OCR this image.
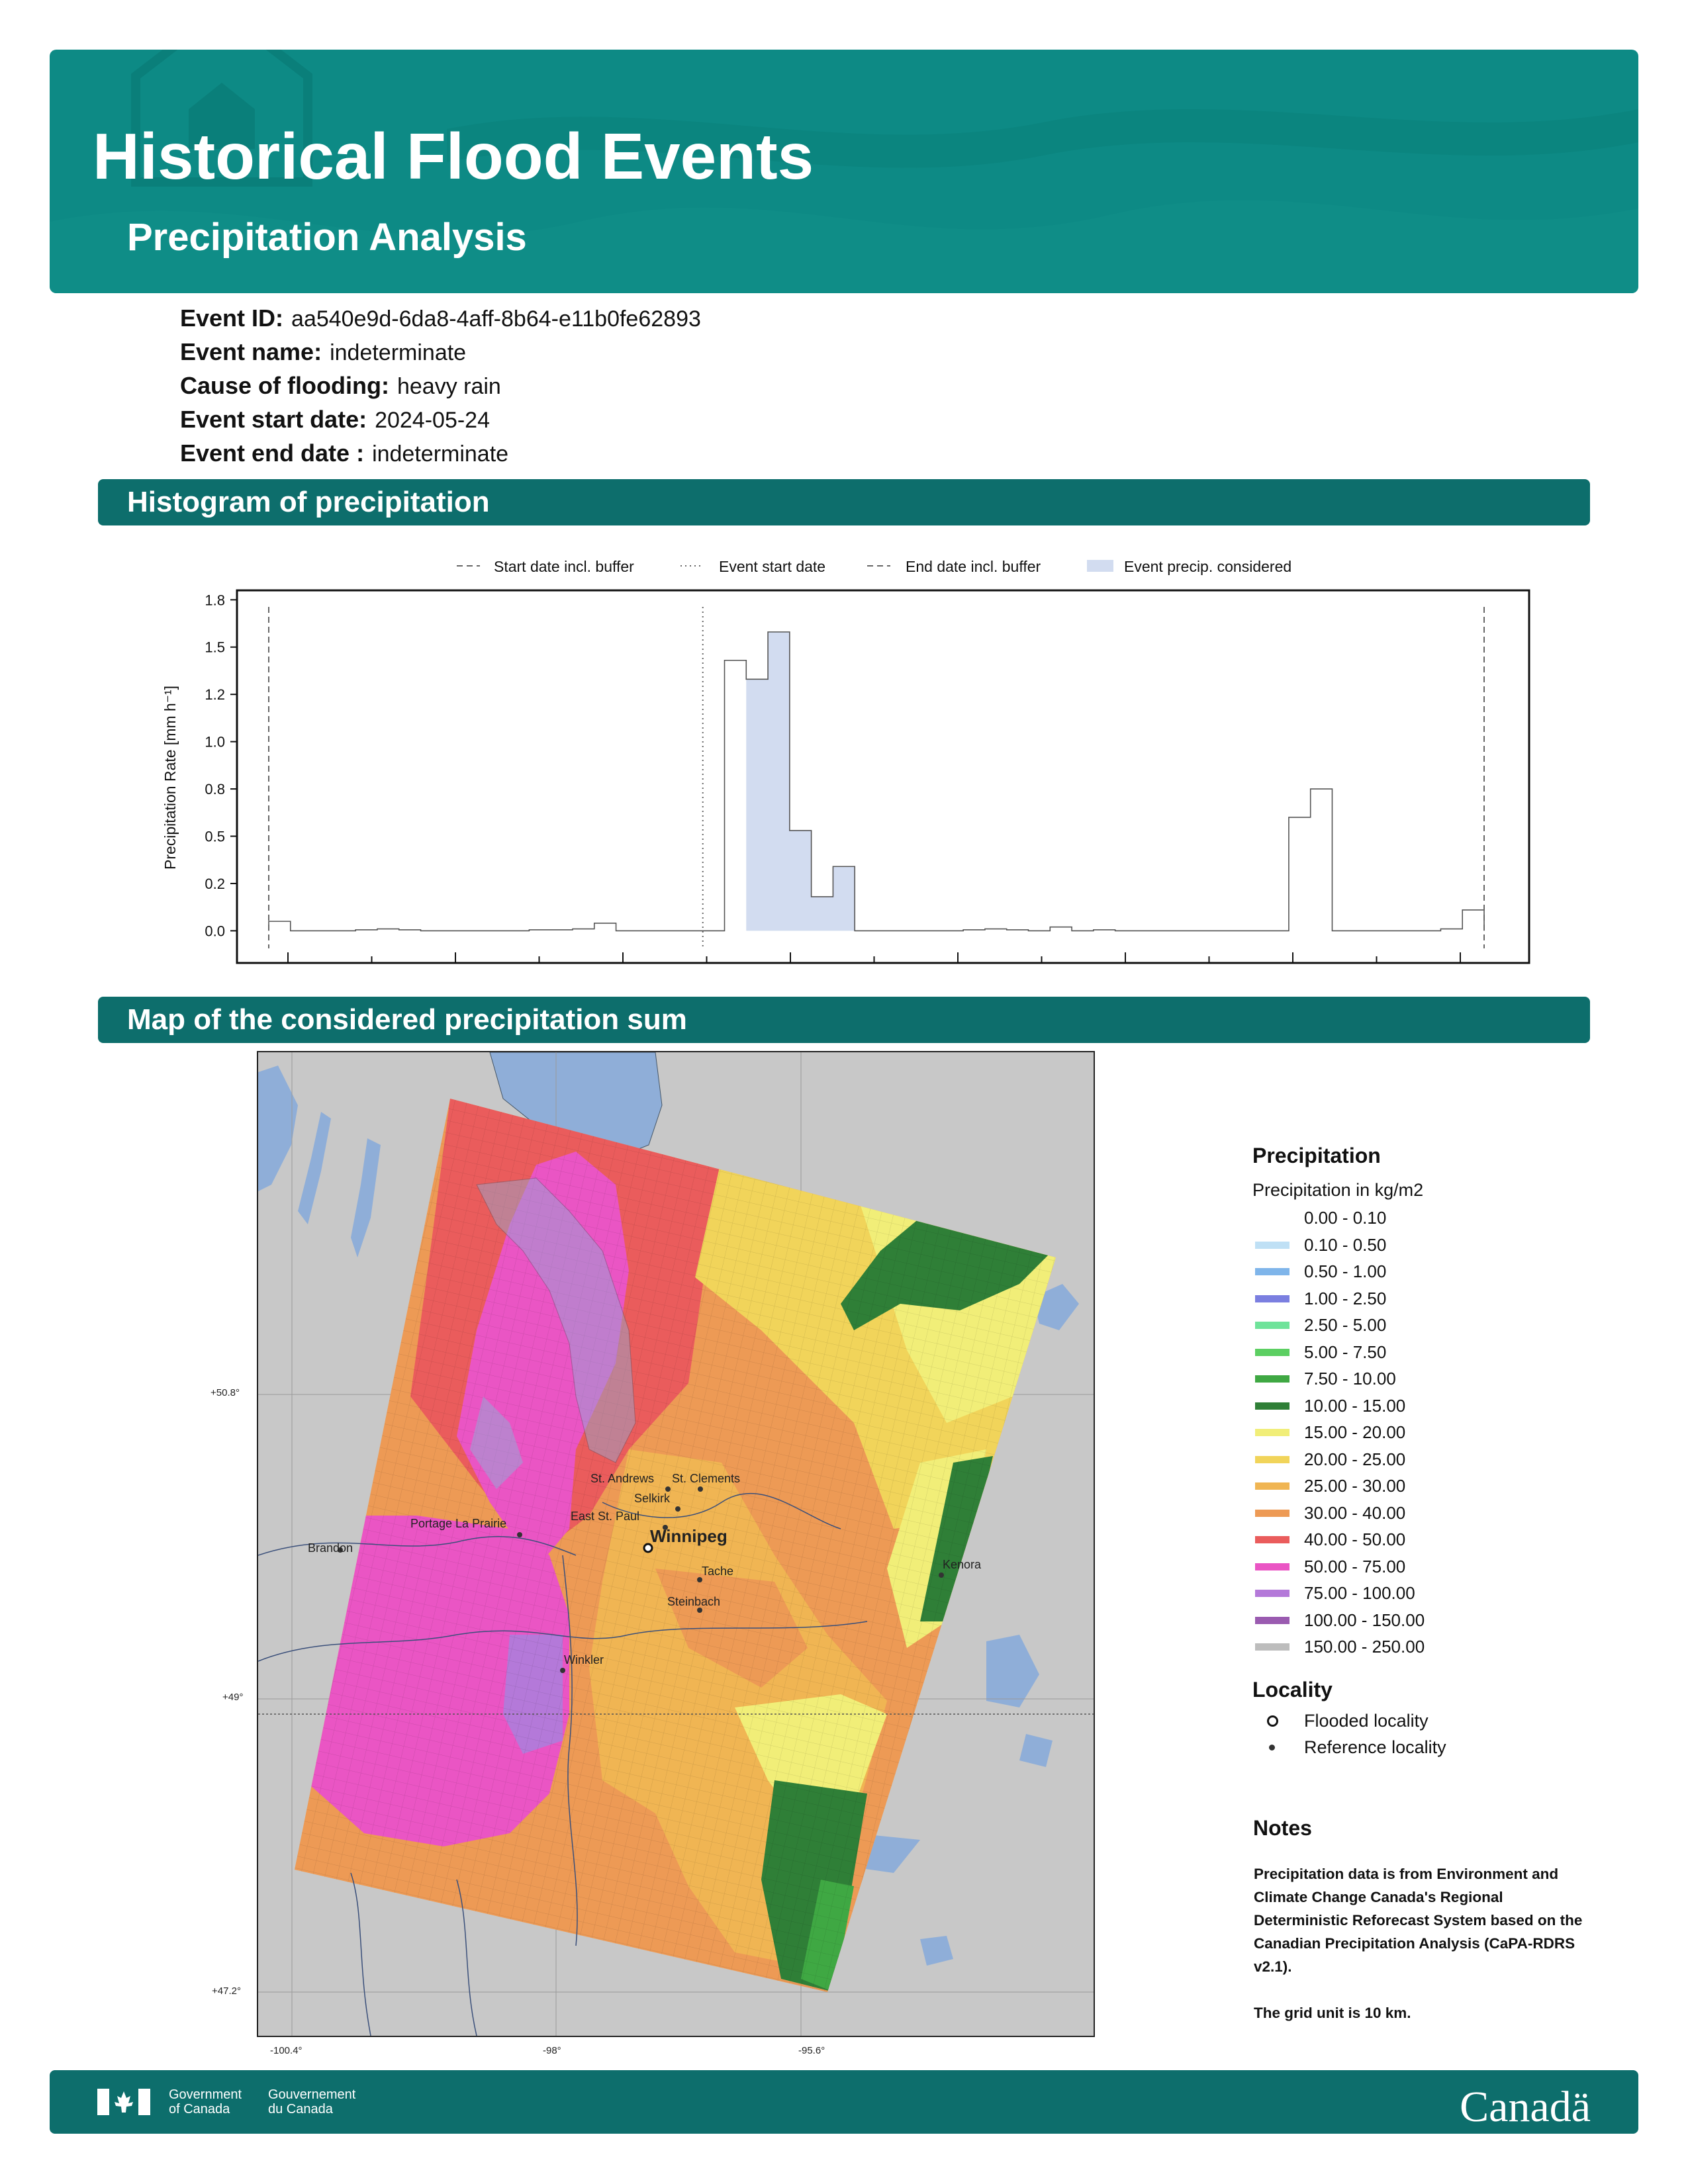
Historical Flood Events
Precipitation Analysis
Event ID: aa540e9d-6da8-4aff-8b64-e11b0fe62893
Event name: indeterminate
Cause of flooding: heavy rain
Event start date: 2024-05-24
Event end date : indeterminate
Histogram of precipitation
Start date incl. buffer	Event start date	End date incl. buffer	Event precip. considered
Precipitation Rate [mm h⁻¹]
0.0
0.2
0.5
0.8
1.0
1.2
1.5
1.8
Map of the considered precipitation sum
Brandon
Portage La Prairie
Winnipeg
East St. Paul
Selkirk
St. Andrews St. Clements
Tache
Steinbach
Winkler
Kenora
+50.8°
+49°
+47.2°
-100.4°	-98°	-95.6°
Precipitation
Precipitation in kg/m2
0.00 - 0.10
0.10 - 0.50
0.50 - 1.00
1.00 - 2.50
2.50 - 5.00
5.00 - 7.50
7.50 - 10.00
10.00 - 15.00
15.00 - 20.00
20.00 - 25.00
25.00 - 30.00
30.00 - 40.00
40.00 - 50.00
50.00 - 75.00
75.00 - 100.00
100.00 - 150.00
150.00 - 250.00
Locality
Flooded locality
Reference locality
Notes
Precipitation data is from Environment and Climate Change Canada's Regional Deterministic Reforecast System based on the Canadian Precipitation Analysis (CaPA-RDRS v2.1).
The grid unit is 10 km.
Government
of Canada
Gouvernement
du Canada	Canadä
